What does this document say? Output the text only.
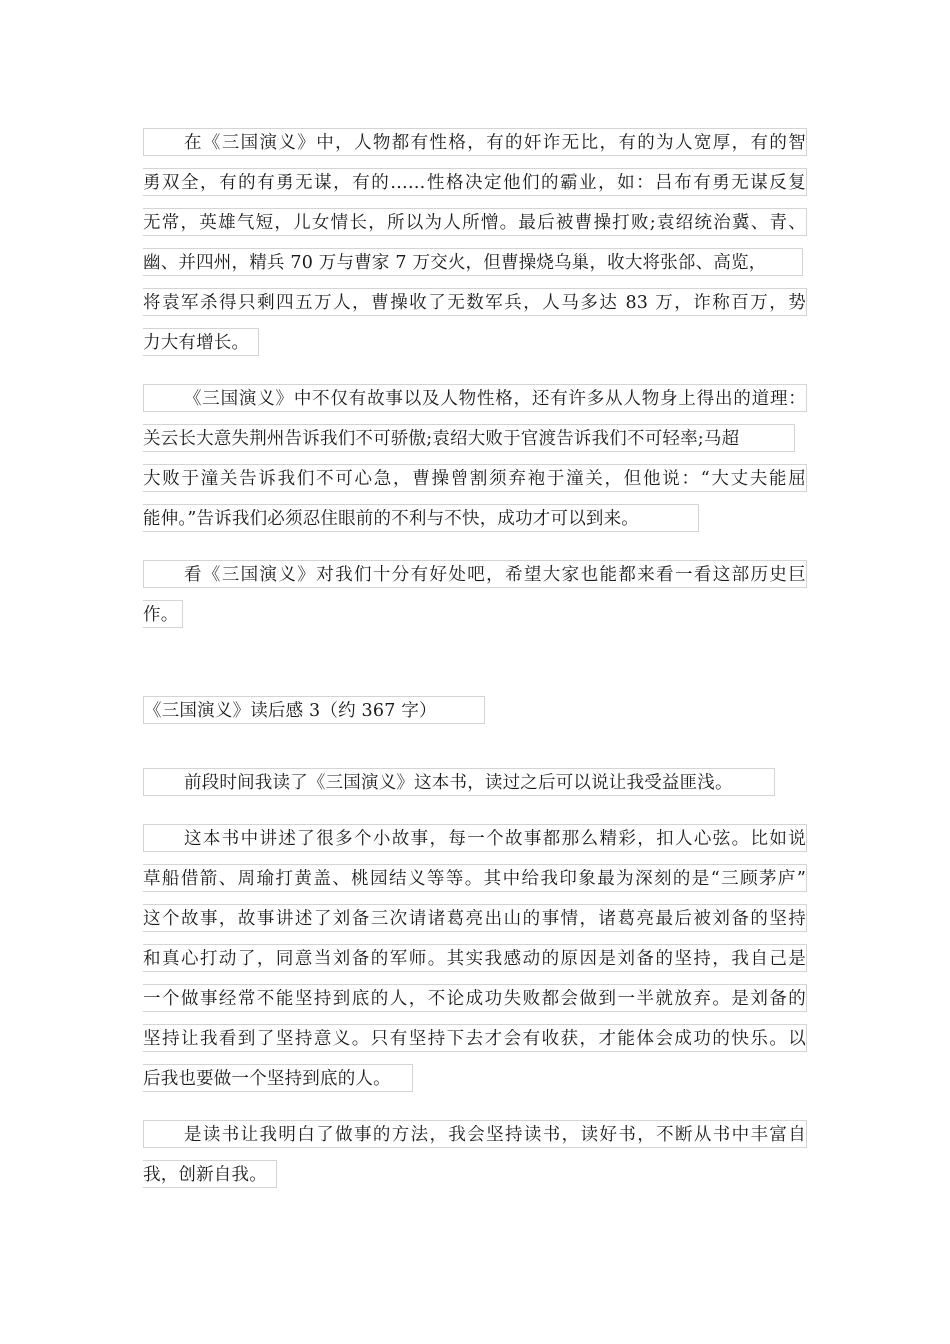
在《三国演义》中，人物都有性格，有的奸诈无比，有的为人宽厚，有的智
勇双全，有的有勇无谋，有的……性格决定他们的霸业，如：吕布有勇无谋反复
无常，英雄气短，儿女情长，所以为人所憎。最后被曹操打败;袁绍统治冀、青、
幽、并四州，精兵 70 万与曹家 7 万交火，但曹操烧乌巢，收大将张郃、高览，
将袁军杀得只剩四五万人，曹操收了无数军兵，人马多达 83 万，诈称百万，势
力大有增长。
《三国演义》中不仅有故事以及人物性格，还有许多从人物身上得出的道理：
关云长大意失荆州告诉我们不可骄傲;袁绍大败于官渡告诉我们不可轻率;马超
大败于潼关告诉我们不可心急，曹操曾割须弃袍于潼关，但他说：“大丈夫能屈
能伸。”告诉我们必须忍住眼前的不利与不快，成功才可以到来。
看《三国演义》对我们十分有好处吧，希望大家也能都来看一看这部历史巨
作。
《三国演义》读后感 3（约 367 字）
前段时间我读了《三国演义》这本书，读过之后可以说让我受益匪浅。
这本书中讲述了很多个小故事，每一个故事都那么精彩，扣人心弦。比如说
草船借箭、周瑜打黄盖、桃园结义等等。其中给我印象最为深刻的是“三顾茅庐”
这个故事，故事讲述了刘备三次请诸葛亮出山的事情，诸葛亮最后被刘备的坚持
和真心打动了，同意当刘备的军师。其实我感动的原因是刘备的坚持，我自己是
一个做事经常不能坚持到底的人，不论成功失败都会做到一半就放弃。是刘备的
坚持让我看到了坚持意义。只有坚持下去才会有收获，才能体会成功的快乐。以
后我也要做一个坚持到底的人。
是读书让我明白了做事的方法，我会坚持读书，读好书，不断从书中丰富自
我，创新自我。
